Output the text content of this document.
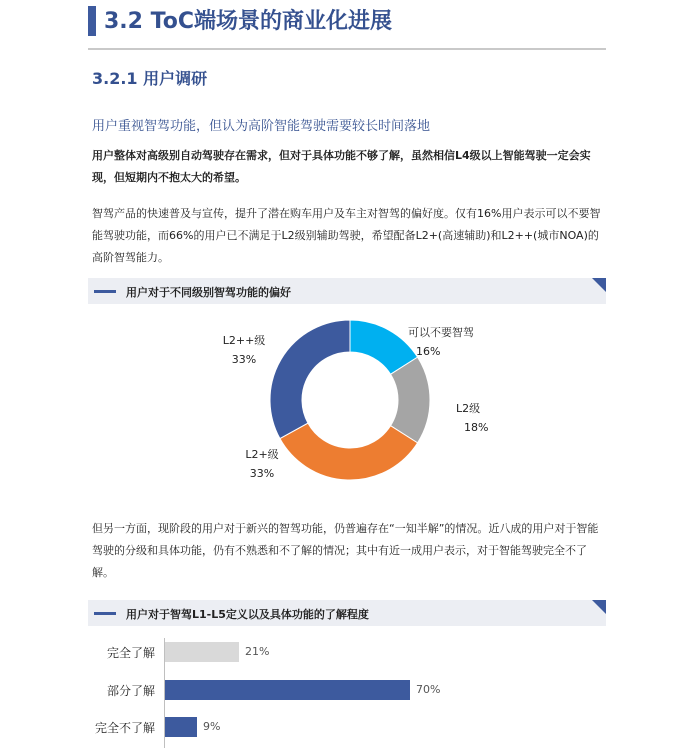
3.2 ToC端场景的商业化进展
3.2.1 用户调研
用户重视智驾功能，但认为高阶智能驾驶需要较长时间落地
用户整体对高级别自动驾驶存在需求，但对于具体功能不够了解，虽然相信L4级以上智能驾驶一定会实现，但短期内不抱太大的希望。
智驾产品的快速普及与宣传，提升了潜在购车用户及车主对智驾的偏好度。仅有16%用户表示可以不要智能驾驶功能，而66%的用户已不满足于L2级别辅助驾驶，希望配备L2+(高速辅助)和L2++(城市NOA)的高阶智驾能力。
用户对于不同级别智驾功能的偏好
可以不要智驾
16%
L2级
18%
L2+级
33%
L2++级
33%
但另一方面，现阶段的用户对于新兴的智驾功能，仍普遍存在“一知半解”的情况。近八成的用户对于智能驾驶的分级和具体功能，仍有不熟悉和不了解的情况；其中有近一成用户表示，对于智能驾驶完全不了解。
用户对于智驾L1-L5定义以及具体功能的了解程度
完全了解	21%
部分了解	70%
完全不了解	9%
